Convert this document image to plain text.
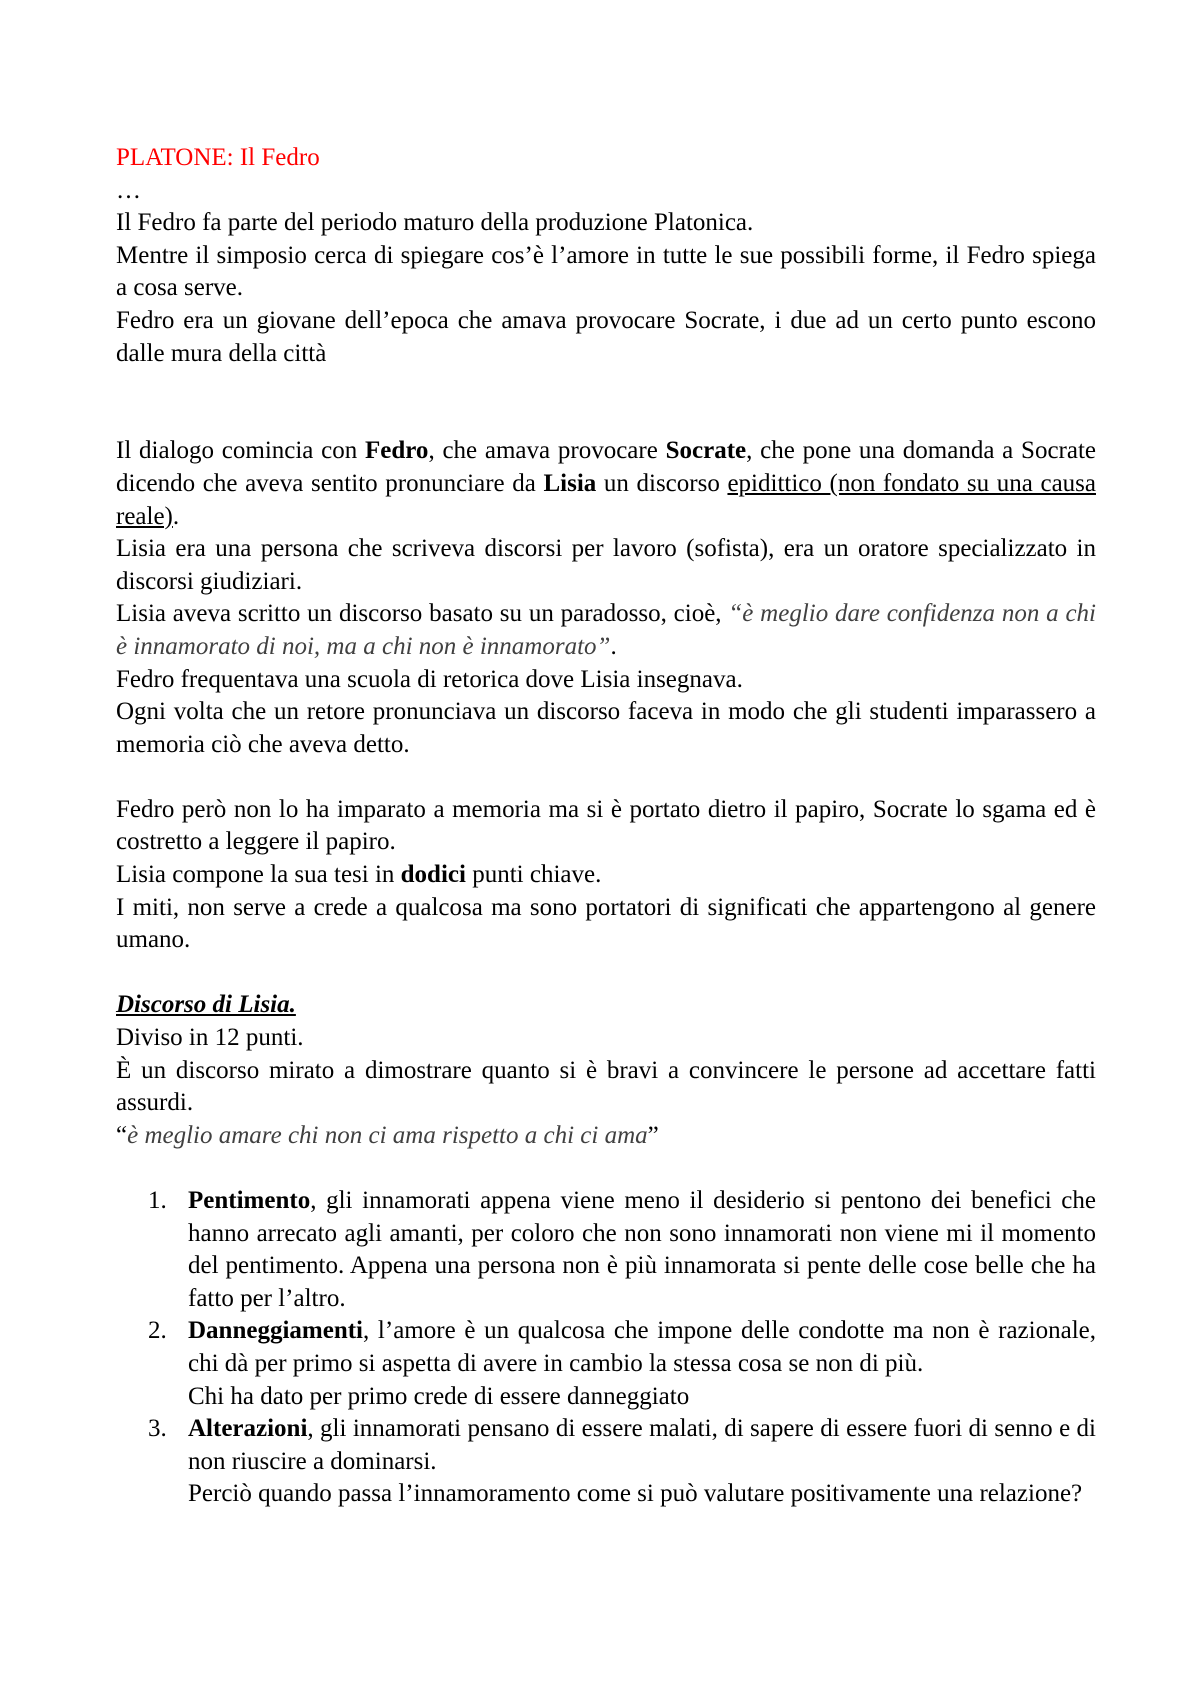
PLATONE: Il Fedro

…

Il Fedro fa parte del periodo maturo della produzione Platonica.

Mentre il simposio cerca di spiegare cos’è l’amore in tutte le sue possibili forme, il Fedro spiega a cosa serve.

Fedro era un giovane dell’epoca che amava provocare Socrate, i due ad un certo punto escono dalle mura della città

Il dialogo comincia con Fedro, che amava provocare Socrate, che pone una domanda a Socrate dicendo che aveva sentito pronunciare da Lisia un discorso epidittico (non fondato su una causa reale).

Lisia era una persona che scriveva discorsi per lavoro (sofista), era un oratore specializzato in discorsi giudiziari.

Lisia aveva scritto un discorso basato su un paradosso, cioè, “è meglio dare confidenza non a chi è innamorato di noi, ma a chi non è innamorato”.

Fedro frequentava una scuola di retorica dove Lisia insegnava.

Ogni volta che un retore pronunciava un discorso faceva in modo che gli studenti imparassero a memoria ciò che aveva detto.

Fedro però non lo ha imparato a memoria ma si è portato dietro il papiro, Socrate lo sgama ed è costretto a leggere il papiro.

Lisia compone la sua tesi in dodici punti chiave.

I miti, non serve a crede a qualcosa ma sono portatori di significati che appartengono al genere umano.

Discorso di Lisia.

Diviso in 12 punti.

È un discorso mirato a dimostrare quanto si è bravi a convincere le persone ad accettare fatti assurdi.

“è meglio amare chi non ci ama rispetto a chi ci ama”

1. Pentimento, gli innamorati appena viene meno il desiderio si pentono dei benefici che hanno arrecato agli amanti, per coloro che non sono innamorati non viene mi il momento del pentimento. Appena una persona non è più innamorata si pente delle cose belle che ha fatto per l’altro.
2. Danneggiamenti, l’amore è un qualcosa che impone delle condotte ma non è razionale, chi dà per primo si aspetta di avere in cambio la stessa cosa se non di più.
Chi ha dato per primo crede di essere danneggiato
3. Alterazioni, gli innamorati pensano di essere malati, di sapere di essere fuori di senno e di non riuscire a dominarsi.
Perciò quando passa l’innamoramento come si può valutare positivamente una relazione?
